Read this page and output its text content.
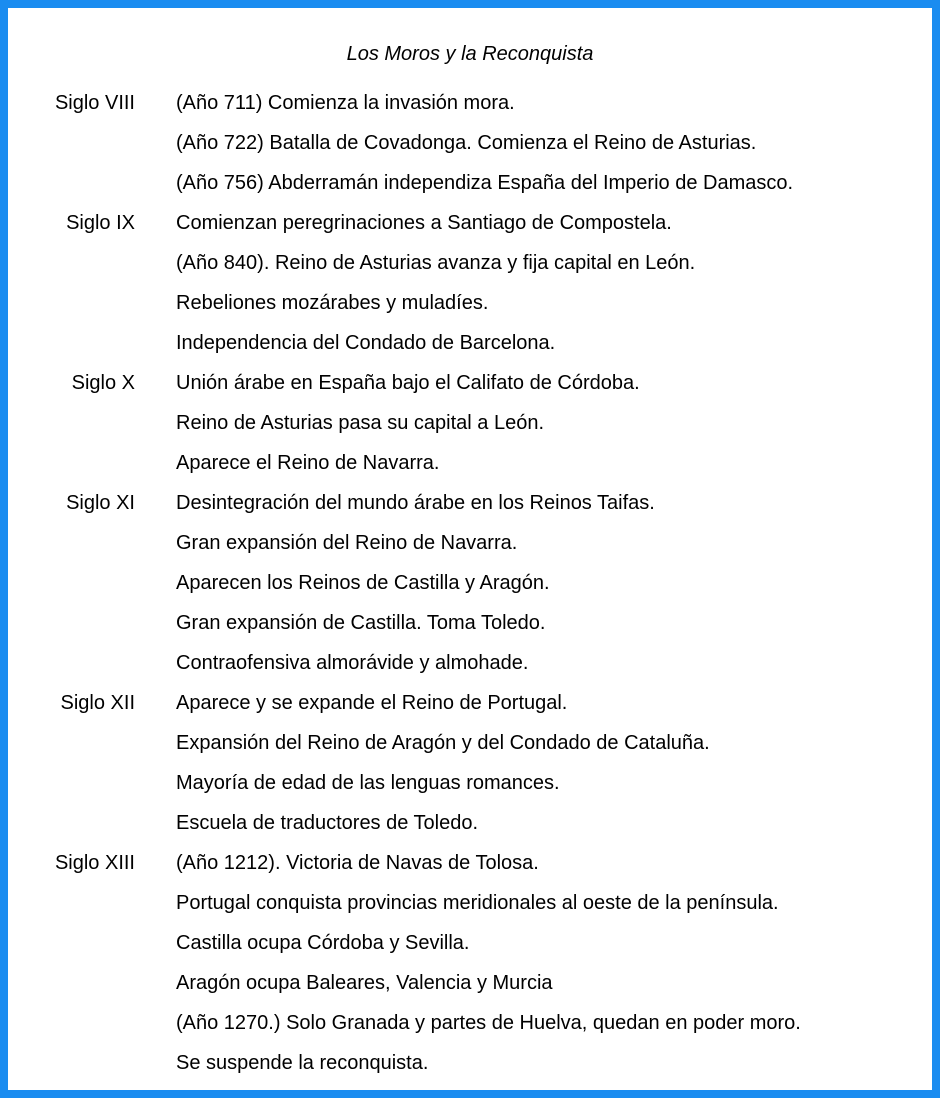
Los Moros y la Reconquista
Siglo VIII (Año 711) Comienza la invasión mora.
(Año 722) Batalla de Covadonga. Comienza el Reino de Asturias.
(Año 756) Abderramán independiza España del Imperio de Damasco.
Siglo IX Comienzan peregrinaciones a Santiago de Compostela.
(Año 840). Reino de Asturias avanza y fija capital en León.
Rebeliones mozárabes y muladíes.
Independencia del Condado de Barcelona.
Siglo X Unión árabe en España bajo el Califato de Córdoba.
Reino de Asturias pasa su capital a León.
Aparece el Reino de Navarra.
Siglo XI Desintegración del mundo árabe en los Reinos Taifas.
Gran expansión del Reino de Navarra.
Aparecen los Reinos de Castilla y Aragón.
Gran expansión de Castilla. Toma Toledo.
Contraofensiva almorávide y almohade.
Siglo XII Aparece y se expande el Reino de Portugal.
Expansión del Reino de Aragón y del Condado de Cataluña.
Mayoría de edad de las lenguas romances.
Escuela de traductores de Toledo.
Siglo XIII (Año 1212). Victoria de Navas de Tolosa.
Portugal conquista provincias meridionales al oeste de la península.
Castilla ocupa Córdoba y Sevilla.
Aragón ocupa Baleares, Valencia y Murcia
(Año 1270.) Solo Granada y partes de Huelva, quedan en poder moro.
Se suspende la reconquista.
